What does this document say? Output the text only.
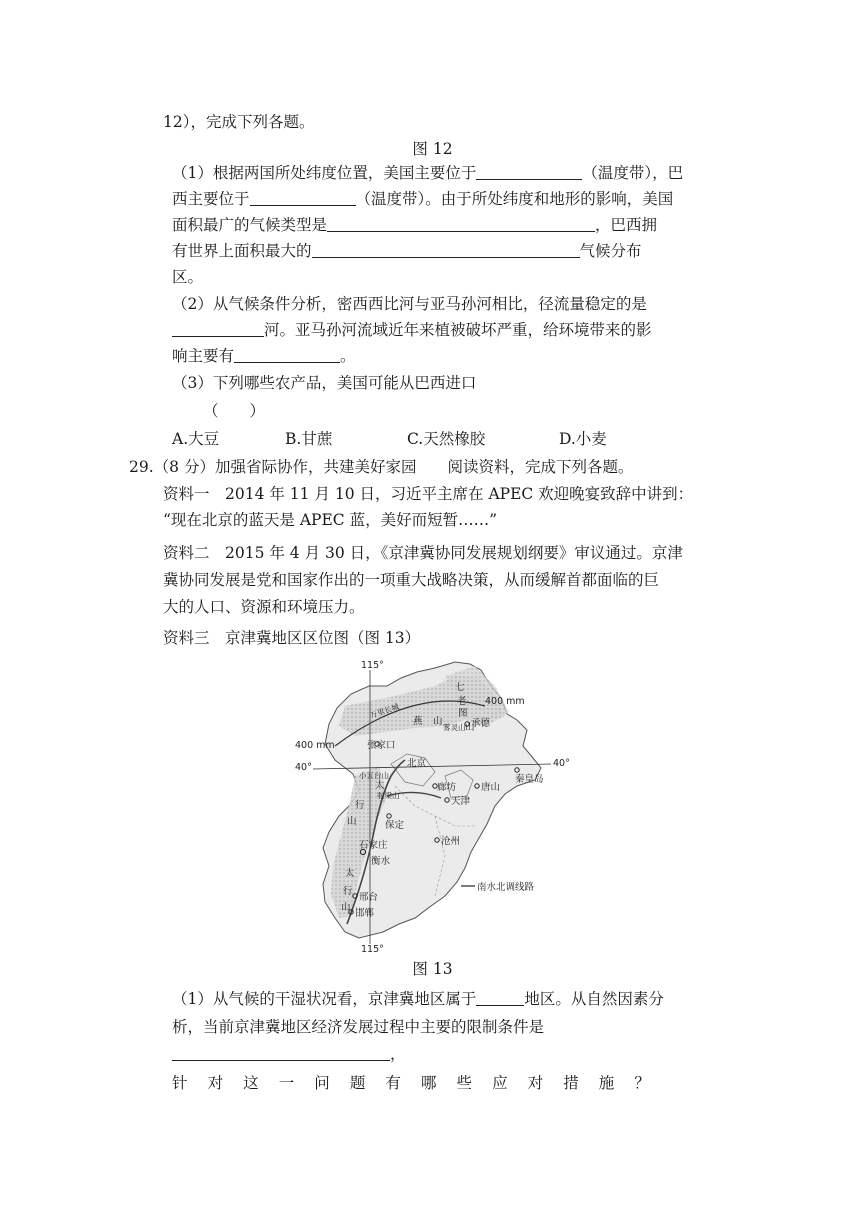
12），完成下列各题。
图 12
（1）根据两国所处纬度位置，美国主要位于	（温度带），巴
西主要位于	（温度带）。由于所处纬度和地形的影响，美国
面积最广的气候类型是	，巴西拥
有世界上面积最大的	气候分布
区。
（2）从气候条件分析，密西西比河与亚马孙河相比，径流量稳定的是
河。亚马孙河流域近年来植被破坏严重，给环境带来的影
响主要有	。
（3）下列哪些农产品，美国可能从巴西进口
（　　）
A.大豆	B.甘蔗	C.天然橡胶	D.小麦
29.（8 分）加强省际协作，共建美好家园　　阅读资料，完成下列各题。
资料一　2014 年 11 月 10 日，习近平主席在 APEC 欢迎晚宴致辞中讲到：
“现在北京的蓝天是 APEC 蓝，美好而短暂……”
资料二　2015 年 4 月 30 日，《京津冀协同发展规划纲要》审议通过。京津
冀协同发展是党和国家作出的一项重大战略决策，从而缓解首都面临的巨
大的人口、资源和环境压力。
资料三　京津冀地区区位图（图 13）
115°
115°
40°	40°
400 mm
400 mm
万里长城
七
老
图
山
燕 山
太
行
山
太
行
山
雾灵山
小五台山
驼梁山
承德
张家口
北京
廊坊
天津
唐山
秦皇岛
保定
沧州
石家庄
衡水
邢台
邯郸
南水北调线路
图 13
（1）从气候的干湿状况看，京津冀地区属于	地区。从自然因素分
析，当前京津冀地区经济发展过程中主要的限制条件是
，
针 对 这 一 问 题 有 哪 些 应 对 措 施 ？
